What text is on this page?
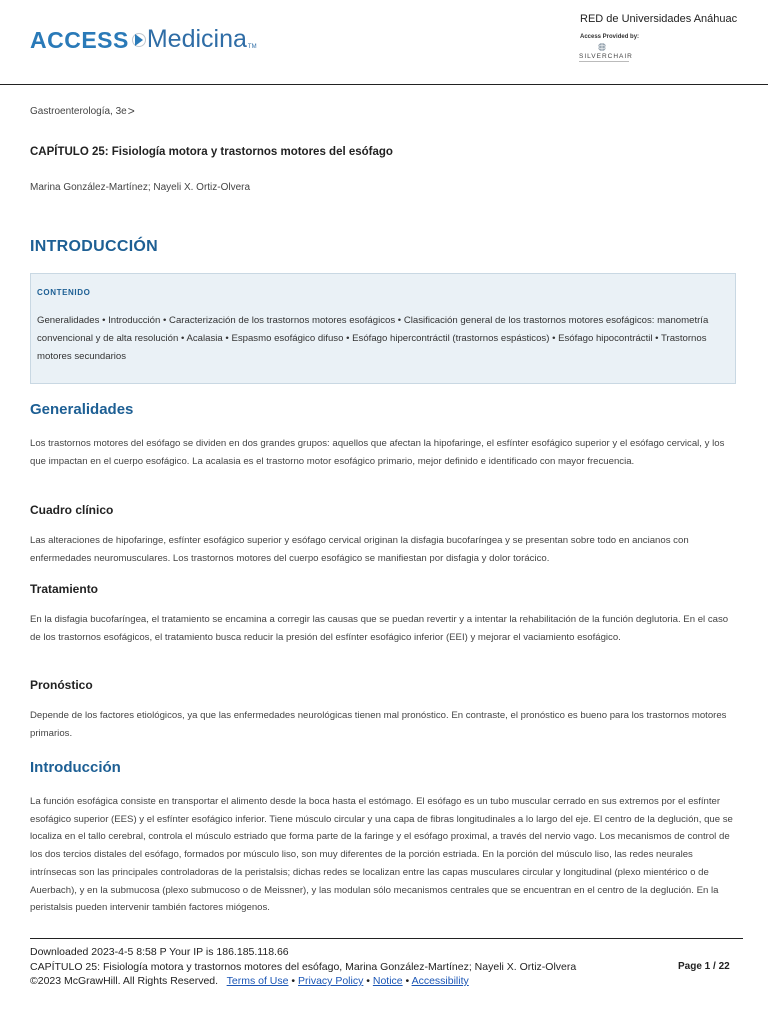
ACCESS Medicina TM
RED de Universidades Anáhuac
Access Provided by:
SILVERCHAIR
Gastroenterología, 3e >
CAPÍTULO 25: Fisiología motora y trastornos motores del esófago
Marina González-Martínez; Nayeli X. Ortiz-Olvera
INTRODUCCIÓN
CONTENIDO
Generalidades • Introducción • Caracterización de los trastornos motores esofágicos • Clasificación general de los trastornos motores esofágicos: manometría convencional y de alta resolución • Acalasia • Espasmo esofágico difuso • Esófago hipercontráctil (trastornos espásticos) • Esófago hipocontráctil • Trastornos motores secundarios
Generalidades
Los trastornos motores del esófago se dividen en dos grandes grupos: aquellos que afectan la hipofaringe, el esfínter esofágico superior y el esófago cervical, y los que impactan en el cuerpo esofágico. La acalasia es el trastorno motor esofágico primario, mejor definido e identificado con mayor frecuencia.
Cuadro clínico
Las alteraciones de hipofaringe, esfínter esofágico superior y esófago cervical originan la disfagia bucofaríngea y se presentan sobre todo en ancianos con enfermedades neuromusculares. Los trastornos motores del cuerpo esofágico se manifiestan por disfagia y dolor torácico.
Tratamiento
En la disfagia bucofaríngea, el tratamiento se encamina a corregir las causas que se puedan revertir y a intentar la rehabilitación de la función deglutoria. En el caso de los trastornos esofágicos, el tratamiento busca reducir la presión del esfínter esofágico inferior (EEI) y mejorar el vaciamiento esofágico.
Pronóstico
Depende de los factores etiológicos, ya que las enfermedades neurológicas tienen mal pronóstico. En contraste, el pronóstico es bueno para los trastornos motores primarios.
Introducción
La función esofágica consiste en transportar el alimento desde la boca hasta el estómago. El esófago es un tubo muscular cerrado en sus extremos por el esfínter esofágico superior (EES) y el esfínter esofágico inferior. Tiene músculo circular y una capa de fibras longitudinales a lo largo del eje. El centro de la deglución, que se localiza en el tallo cerebral, controla el músculo estriado que forma parte de la faringe y el esófago proximal, a través del nervio vago. Los mecanismos de control de los dos tercios distales del esófago, formados por músculo liso, son muy diferentes de la porción estriada. En la porción del músculo liso, las redes neurales intrínsecas son las principales controladoras de la peristalsis; dichas redes se localizan entre las capas musculares circular y longitudinal (plexo mientérico o de Auerbach), y en la submucosa (plexo submucoso o de Meissner), y las modulan sólo mecanismos centrales que se encuentran en el centro de la deglución. En la peristalsis pueden intervenir también factores miógenos.
Downloaded 2023-4-5 8:58 P Your IP is 186.185.118.66
CAPÍTULO 25: Fisiología motora y trastornos motores del esófago, Marina González-Martínez; Nayeli X. Ortiz-Olvera	Page 1 / 22
©2023 McGrawHill. All Rights Reserved. Terms of Use • Privacy Policy • Notice • Accessibility
